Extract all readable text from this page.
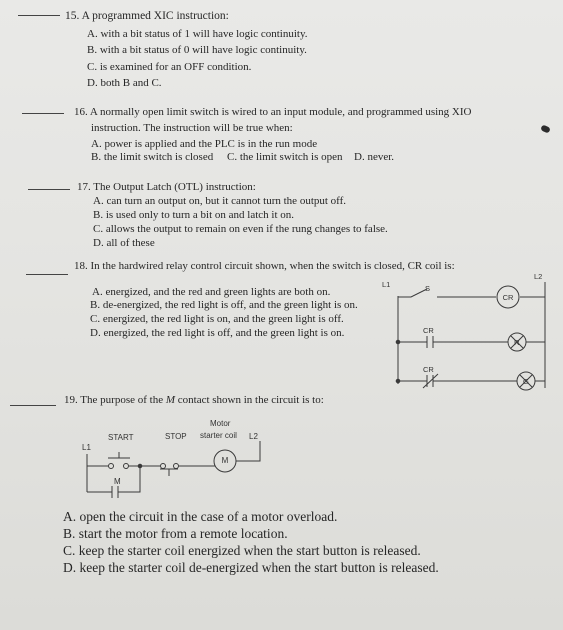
15. A programmed XIC instruction:
A. with a bit status of 1 will have logic continuity.
B. with a bit status of 0 will have logic continuity.
C. is examined for an OFF condition.
D. both B and C.
16. A normally open limit switch is wired to an input module, and programmed using XIO
instruction. The instruction will be true when:
A. power is applied and the PLC is in the run mode
B. the limit switch is closed C. the limit switch is open D. never.
17. The Output Latch (OTL) instruction:
A. can turn an output on, but it cannot turn the output off.
B. is used only to turn a bit on and latch it on.
C. allows the output to remain on even if the rung changes to false.
D. all of these
18. In the hardwired relay control circuit shown, when the switch is closed, CR coil is:
A. energized, and the red and green lights are both on.
B. de-energized, the red light is off, and the green light is on.
C. energized, the red light is on, and the green light is off.
D. energized, the red light is off, and the green light is on.
L1
L2
S
CR
CR
CR
R
G
19. The purpose of the M contact shown in the circuit is to:
Motor
START	STOP starter coil L2
L1
M
M
A. open the circuit in the case of a motor overload.
B. start the motor from a remote location.
C. keep the starter coil energized when the start button is released.
D. keep the starter coil de-energized when the start button is released.
